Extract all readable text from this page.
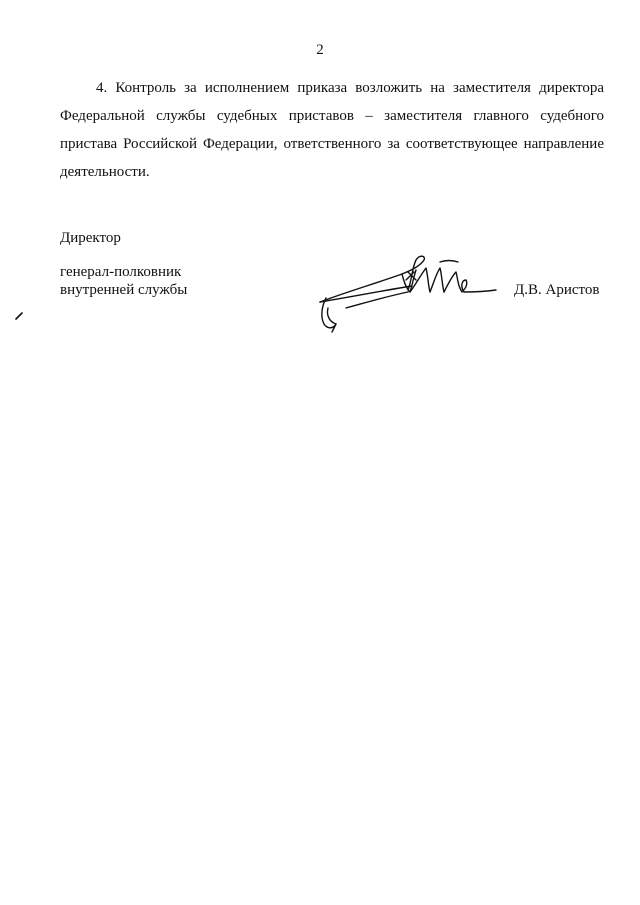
2
4. Контроль за исполнением приказа возложить на заместителя директора Федеральной службы судебных приставов – заместителя главного судебного пристава Российской Федерации, ответственного за соответствующее направление деятельности.
Директор
генерал-полковник
внутренней службы	Д.В. Аристов
